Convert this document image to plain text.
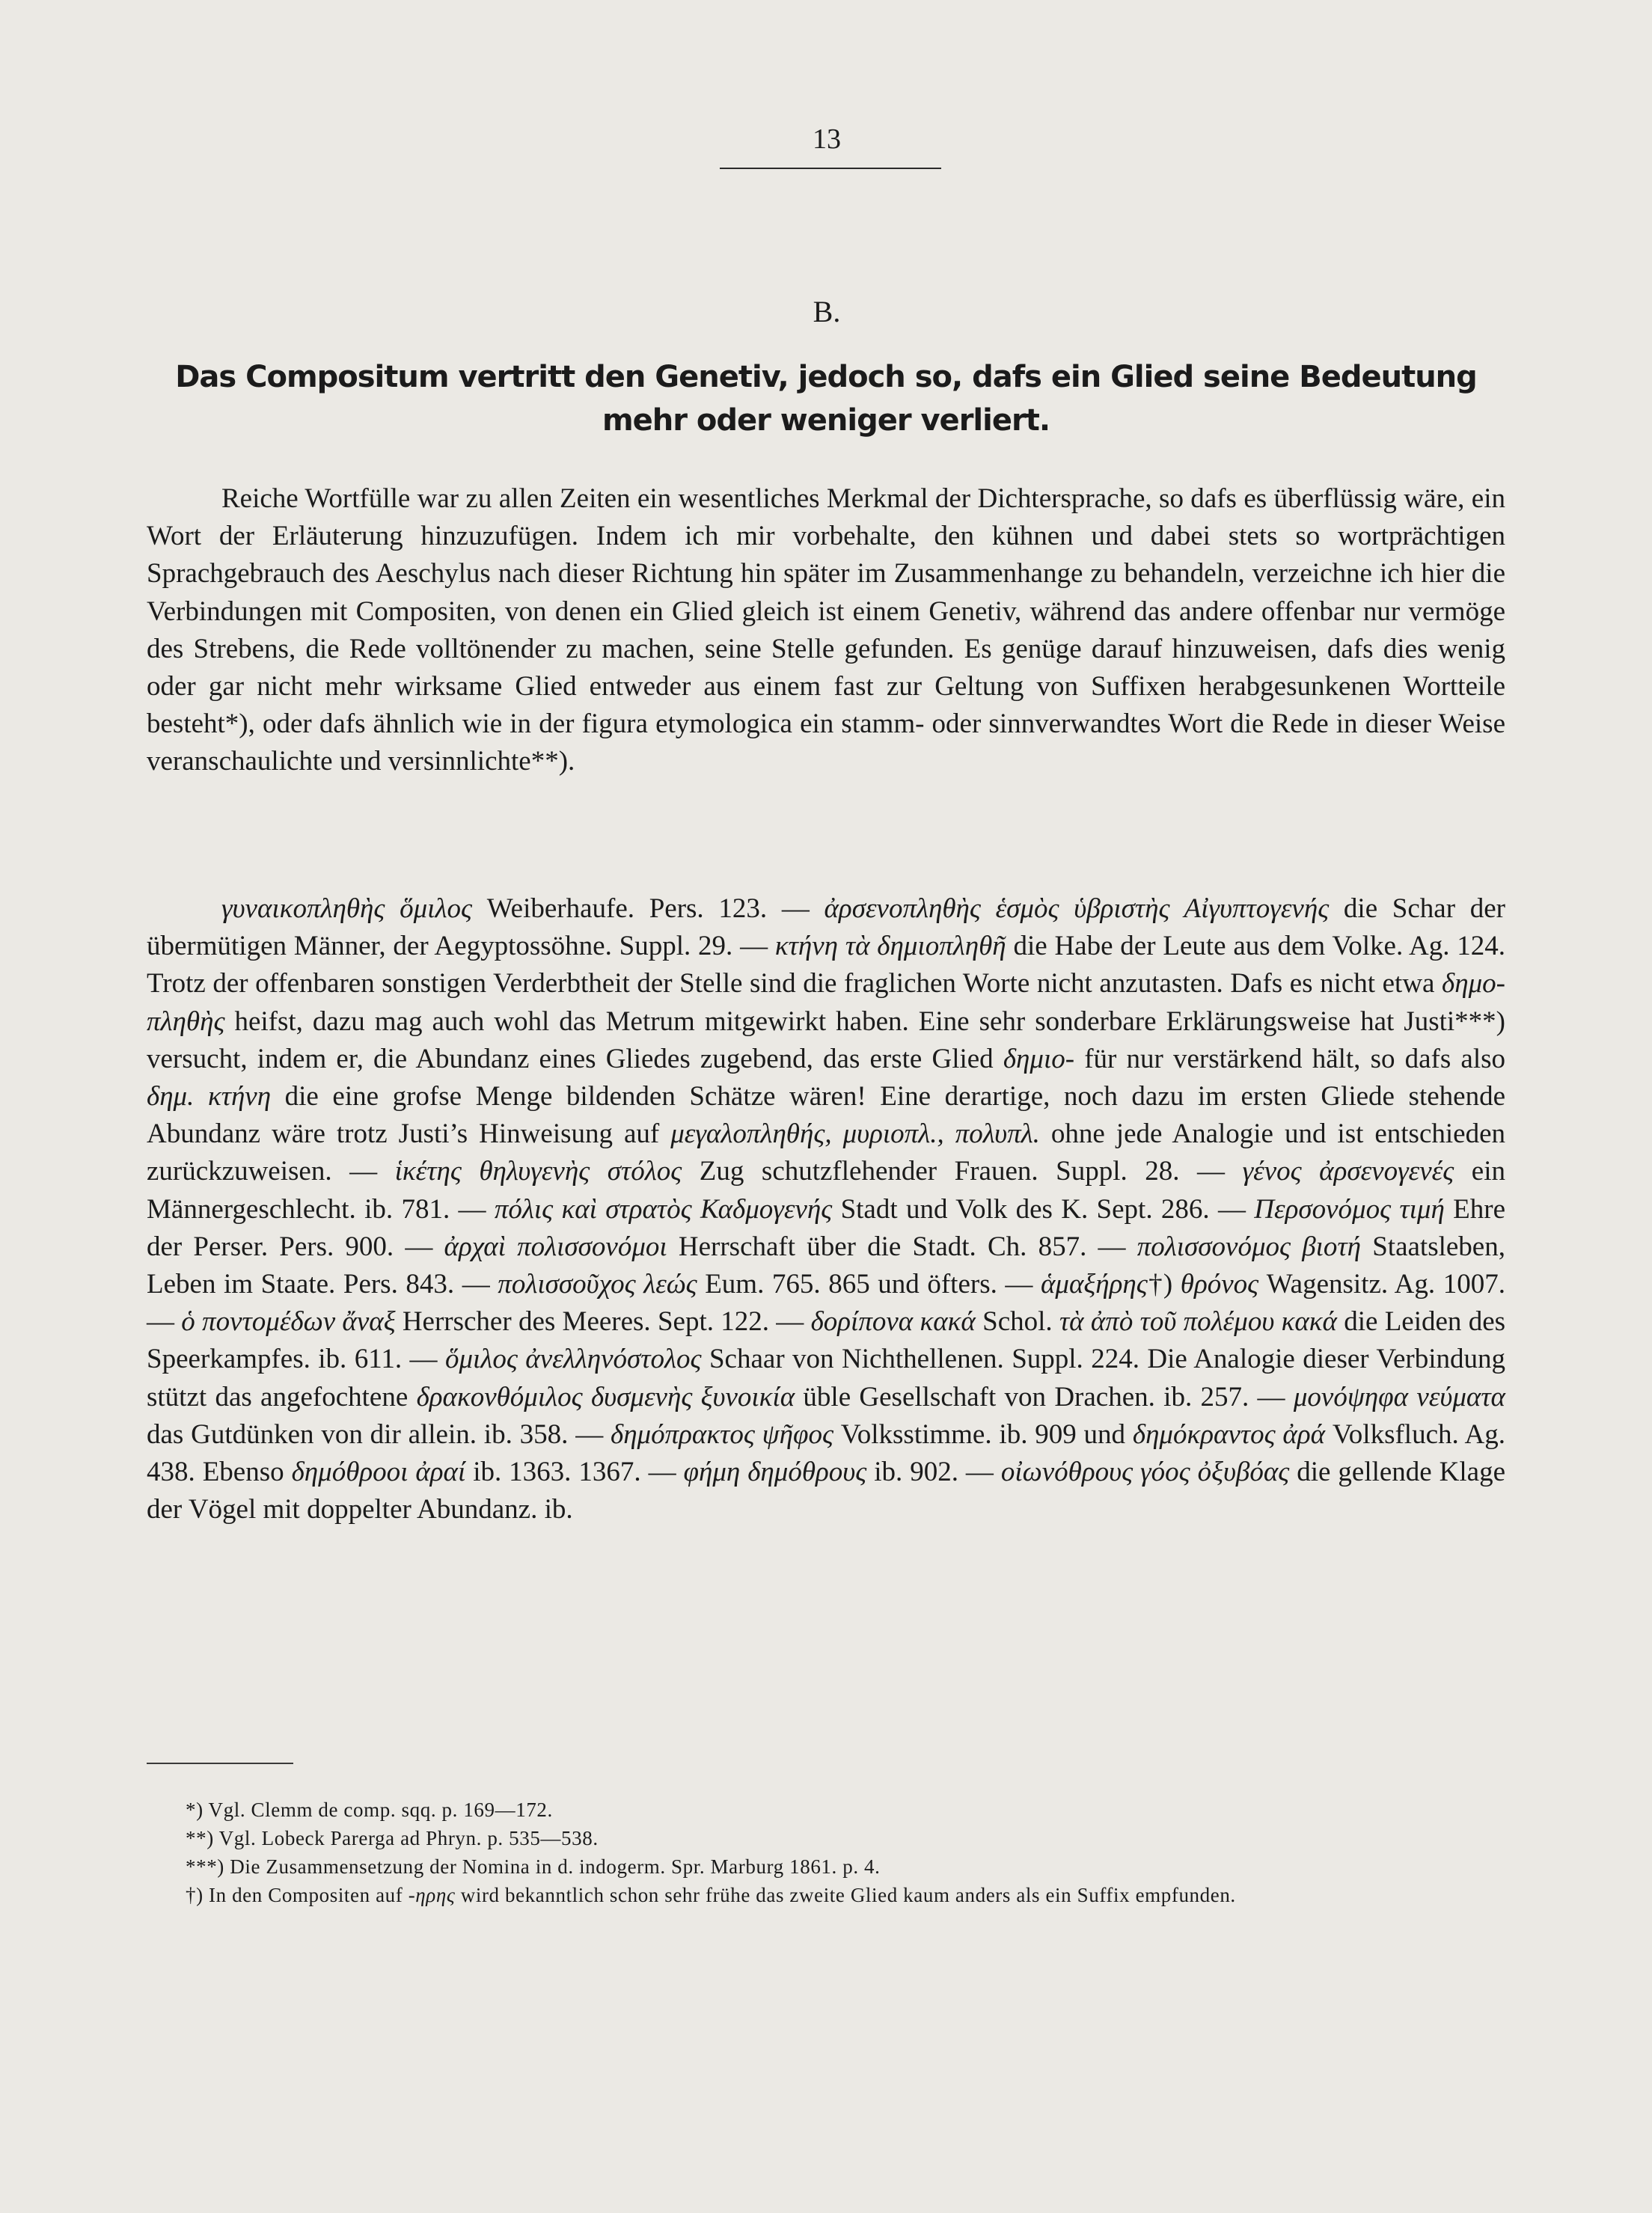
13
B.
Das Compositum vertritt den Genetiv, jedoch so, dafs ein Glied seine Bedeutung mehr oder weniger verliert.
Reiche Wortfülle war zu allen Zeiten ein wesentliches Merkmal der Dichtersprache, so dafs es überflüssig wäre, ein Wort der Erläuterung hinzuzufügen. Indem ich mir vorbehalte, den kühnen und dabei stets so wortprächtigen Sprachgebrauch des Aeschylus nach dieser Richtung hin später im Zusammenhange zu behandeln, verzeichne ich hier die Verbindungen mit Compositen, von denen ein Glied gleich ist einem Genetiv, während das andere offenbar nur vermöge des Strebens, die Rede volltönender zu machen, seine Stelle gefunden. Es genüge darauf hinzuweisen, dafs dies wenig oder gar nicht mehr wirksame Glied entweder aus einem fast zur Geltung von Suffixen herabgesunkenen Wortteile besteht*), oder dafs ähnlich wie in der figura etymologica ein stamm- oder sinnverwandtes Wort die Rede in dieser Weise veranschaulichte und versinnlichte**).
γυναικοπληθὴς ὅμιλος Weiberhaufe. Pers. 123. — ἀρσενοπληθὴς ἑσμὸς ὑβριστὴς Αἰγυπτογενής die Schar der übermütigen Männer, der Aegyptossöhne. Suppl. 29. — κτήνη τὰ δημιοπληθῆ die Habe der Leute aus dem Volke. Ag. 124. Trotz der offenbaren sonstigen Verderbtheit der Stelle sind die fraglichen Worte nicht anzutasten. Dafs es nicht etwa δημοπληθὴς heifst, dazu mag auch wohl das Metrum mitgewirkt haben. Eine sehr sonderbare Erklärungsweise hat Justi***) versucht, indem er, die Abundanz eines Gliedes zugebend, das erste Glied δημιο- für nur verstärkend hält, so dafs also δημ. κτήνη die eine grofse Menge bildenden Schätze wären! Eine derartige, noch dazu im ersten Gliede stehende Abundanz wäre trotz Justi’s Hinweisung auf μεγαλοπληθής, μυριοπλ., πολυπλ. ohne jede Analogie und ist entschieden zurückzuweisen. — ἱκέτης θηλυγενὴς στόλος Zug schutzflehender Frauen. Suppl. 28. — γένος ἀρσενογενές ein Männergeschlecht. ib. 781. — πόλις καὶ στρατὸς Καδμογενής Stadt und Volk des K. Sept. 286. — Περσονόμος τιμή Ehre der Perser. Pers. 900. — ἀρχαὶ πολισσονόμοι Herrschaft über die Stadt. Ch. 857. — πολισσονόμος βιοτή Staatsleben, Leben im Staate. Pers. 843. — πολισσοῦχος λεώς Eum. 765. 865 und öfters. — ἁμαξήρης†) θρόνος Wagensitz. Ag. 1007. — ὁ ποντομέδων ἄναξ Herrscher des Meeres. Sept. 122. — δορίπονα κακά Schol. τὰ ἀπὸ τοῦ πολέμου κακά die Leiden des Speerkampfes. ib. 611. — ὅμιλος ἀνελληνόστολος Schaar von Nichthellenen. Suppl. 224. Die Analogie dieser Verbindung stützt das angefochtene δρακονθόμιλος δυσμενὴς ξυνοικία üble Gesellschaft von Drachen. ib. 257. — μονόψηφα νεύματα das Gutdünken von dir allein. ib. 358. — δημόπρακτος ψῆφος Volksstimme. ib. 909 und δημόκραντος ἀρά Volksfluch. Ag. 438. Ebenso δημόθροοι ἀραί ib. 1363. 1367. — φήμη δημόθρους ib. 902. — οἰωνόθρους γόος ὀξυβόας die gellende Klage der Vögel mit doppelter Abundanz. ib.

*) Vgl. Clemm de comp. sqq. p. 169—172.

**) Vgl. Lobeck Parerga ad Phryn. p. 535—538.

***) Die Zusammensetzung der Nomina in d. indogerm. Spr. Marburg 1861. p. 4.

†) In den Compositen auf -ηρης wird bekanntlich schon sehr frühe das zweite Glied kaum anders als ein Suffix empfunden.
